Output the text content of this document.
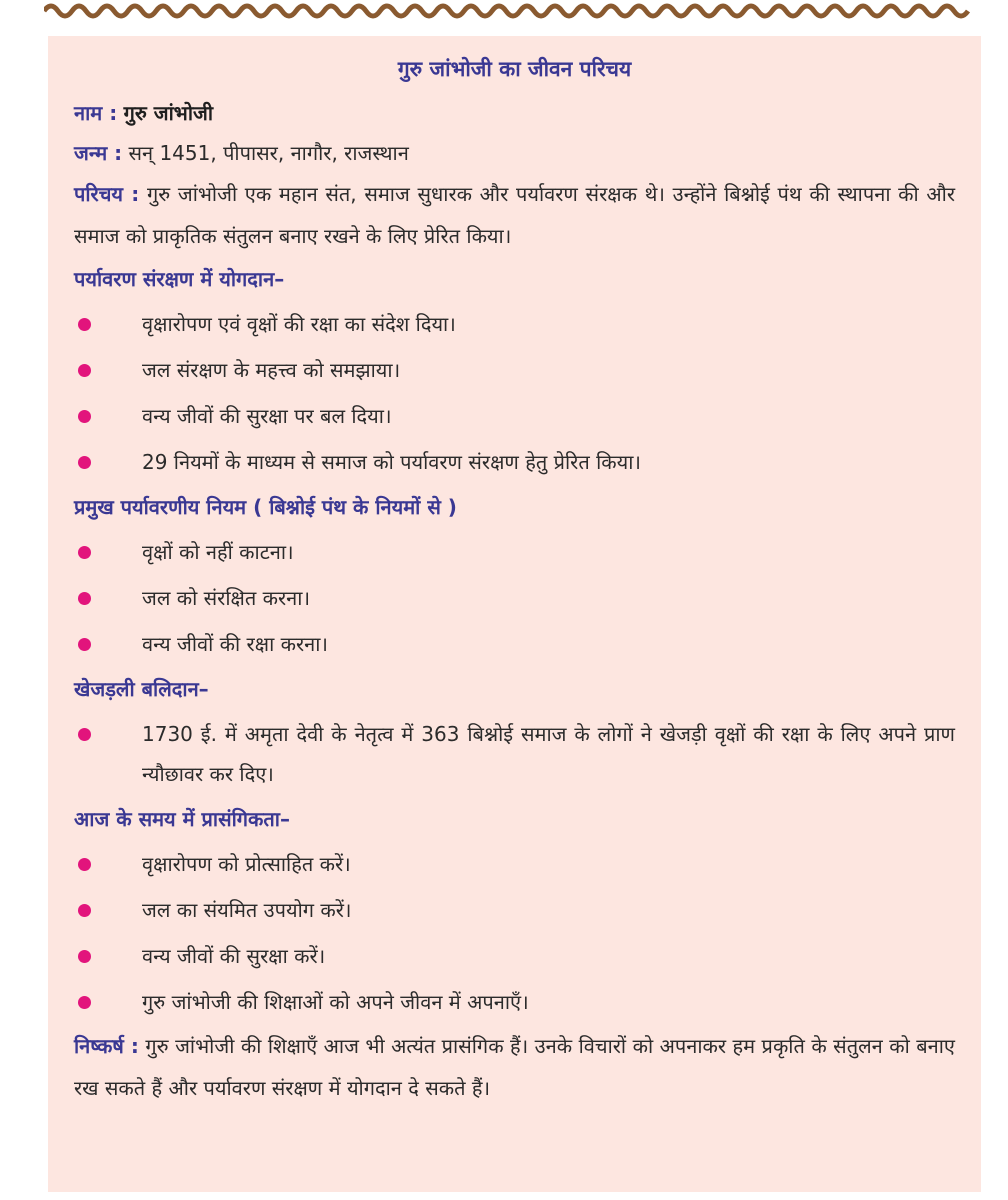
गुरु जांभोजी का जीवन परिचय
नाम : गुरु जांभोजी
जन्म : सन् 1451, पीपासर, नागौर, राजस्थान

परिचय : गुरु जांभोजी एक महान संत, समाज सुधारक और पर्यावरण संरक्षक थे। उन्होंने बिश्नोई पंथ की स्थापना की और समाज को प्राकृतिक संतुलन बनाए रखने के लिए प्रेरित किया।

पर्यावरण संरक्षण में योगदान–
वृक्षारोपण एवं वृक्षों की रक्षा का संदेश दिया।
जल संरक्षण के महत्त्व को समझाया।
वन्य जीवों की सुरक्षा पर बल दिया।
29 नियमों के माध्यम से समाज को पर्यावरण संरक्षण हेतु प्रेरित किया।
प्रमुख पर्यावरणीय नियम ( बिश्नोई पंथ के नियमों से )
वृक्षों को नहीं काटना।
जल को संरक्षित करना।
वन्य जीवों की रक्षा करना।
खेजड़ली बलिदान–
1730 ई. में अमृता देवी के नेतृत्व में 363 बिश्नोई समाज के लोगों ने खेजड़ी वृक्षों की रक्षा के लिए अपने प्राण न्यौछावर कर दिए।
आज के समय में प्रासंगिकता–
वृक्षारोपण को प्रोत्साहित करें।
जल का संयमित उपयोग करें।
वन्य जीवों की सुरक्षा करें।
गुरु जांभोजी की शिक्षाओं को अपने जीवन में अपनाएँ।

निष्कर्ष : गुरु जांभोजी की शिक्षाएँ आज भी अत्यंत प्रासंगिक हैं। उनके विचारों को अपनाकर हम प्रकृति के संतुलन को बनाए रख सकते हैं और पर्यावरण संरक्षण में योगदान दे सकते हैं।
